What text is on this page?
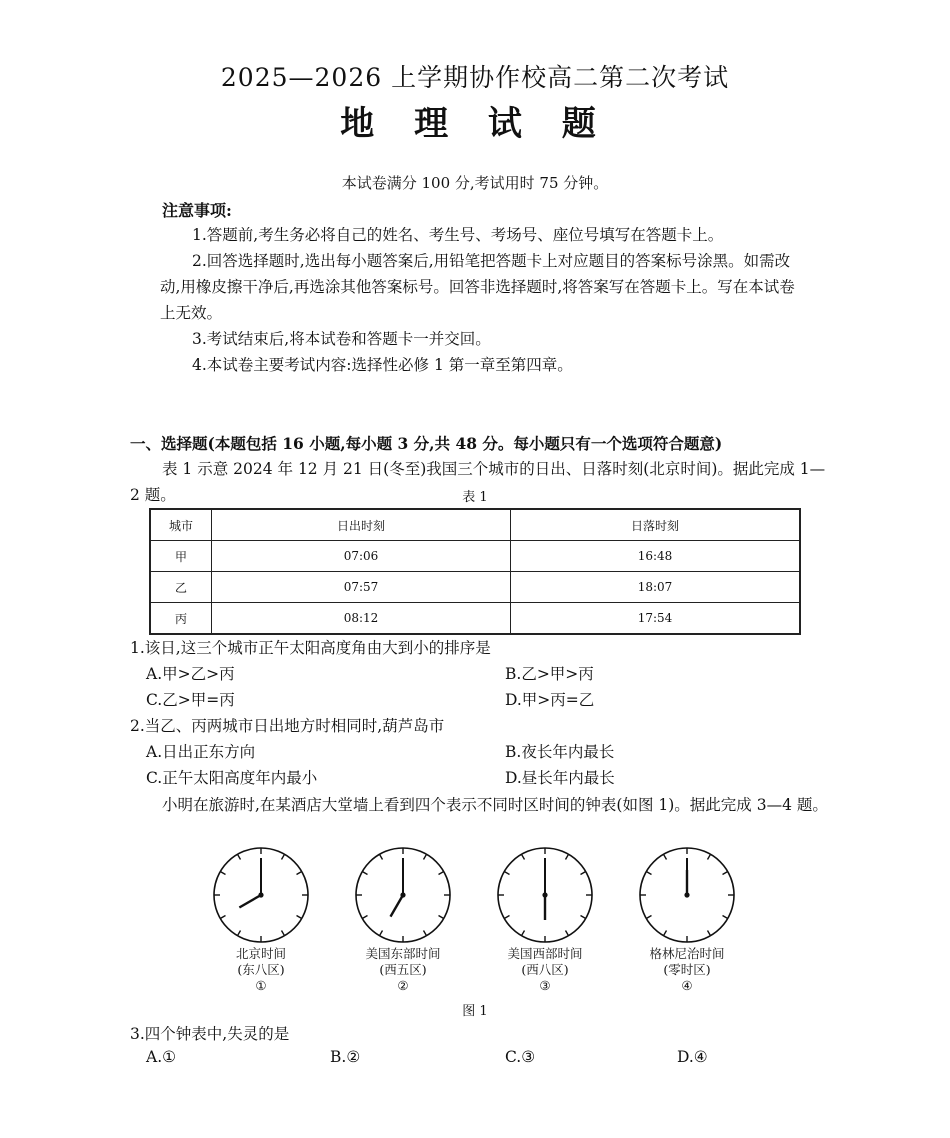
2025—2026 上学期协作校高二第二次考试
地 理 试 题
本试卷满分 100 分,考试用时 75 分钟。
注意事项:

1.答题前,考生务必将自己的姓名、考生号、考场号、座位号填写在答题卡上。

2.回答选择题时,选出每小题答案后,用铅笔把答题卡上对应题目的答案标号涂黑。如需改动,用橡皮擦干净后,再选涂其他答案标号。回答非选择题时,将答案写在答题卡上。写在本试卷上无效。

3.考试结束后,将本试卷和答题卡一并交回。

4.本试卷主要考试内容:选择性必修 1 第一章至第四章。

一、选择题(本题包括 16 小题,每小题 3 分,共 48 分。每小题只有一个选项符合题意)

表 1 示意 2024 年 12 月 21 日(冬至)我国三个城市的日出、日落时刻(北京时间)。据此完成 1—2 题。	表 1
城市	日出时刻	日落时刻
甲	07:06	16:48
乙	07:57	18:07
丙	08:12	17:54
1.该日,这三个城市正午太阳高度角由大到小的排序是
A.甲>乙>丙	B.乙>甲>丙
C.乙>甲=丙	D.甲>丙=乙
2.当乙、丙两城市日出地方时相同时,葫芦岛市
A.日出正东方向	B.夜长年内最长
C.正午太阳高度年内最小	D.昼长年内最长

小明在旅游时,在某酒店大堂墙上看到四个表示不同时区时间的钟表(如图 1)。据此完成 3—4 题。

北京时间
(东八区)
①
美国东部时间
(西五区)
②
美国西部时间
(西八区)
③
格林尼治时间
(零时区)
④
图 1
3.四个钟表中,失灵的是
A.①	B.②	C.③	D.④
